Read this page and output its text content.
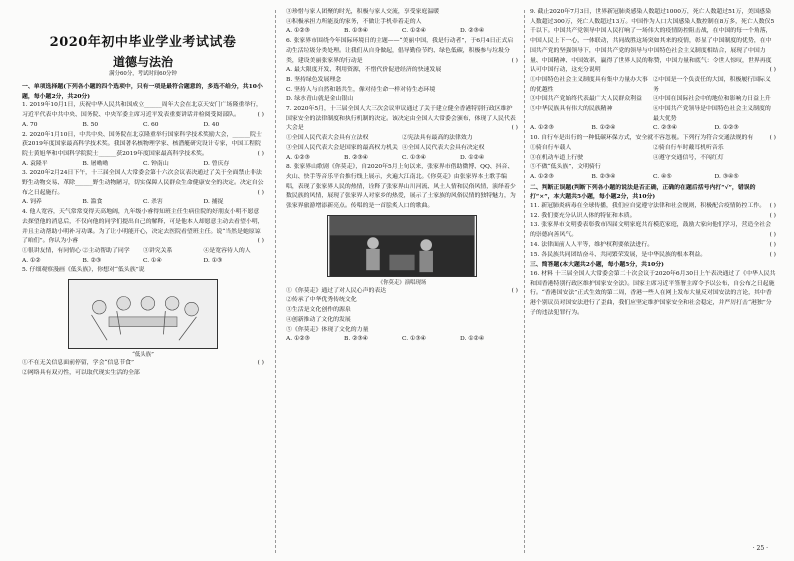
2020年初中毕业学业考试试卷
道德与法治
满分60分，考试时间60分钟
一、单项选择题(下列各小题的四个选项中，只有一项是最符合题意的，多选不给分，共10小题，每小题2分，共20分)
1. 2019年10月1日，庆祝中华人民共和国成立______周年大会在北京天安门广场隆重举行，习近平代表中共中央、国务院、中央军委主席习近平发表重要讲话并检阅受阅部队。	( )
A. 70	B. 50	C. 60	D. 40
2. 2020年1月10日，中共中央、国务院在北京隆重举行国家科学技术奖励大会，______院士获2019年度国家最高科学技术奖。我国著名核物理学家、核潜艇研究设计专家，中国工程院院士黄旭华和中国科学院院士______获2019年度国家最高科学技术奖。	( )
A. 袁隆平	B. 屠呦呦	C. 钟南山	D. 曾庆存
3. 2020年2月24日下午，十三届全国人大常委会第十六次会议表决通过了关于全面禁止非法野生动物交易、革除______野生动物陋习，切实保障人民群众生命健康安全的决定。决定自公布之日起施行。	( )
A. 饲养	B. 滥食	C. 杀害	D. 捕捉
4. 他人宽容，天气常常变得天高地阔，九年级小睿得知班主任生病住院的好朋友小明不愿意去探望他的消息后，不仅向他的同学们提出自己的解释，可是他本人却愿意主动去看望小明，并且主动帮助小明补习功课。为了让小明能开心，决定去医院看望班主任。说“当然是她原谅了咱们”。你认为小睿	( )
①很讲友情，有同情心 ②主动帮助了同学	③讲究关系	④是宽容待人的人
A. ①②	B. ②③	C. ①④	D. ①③
5. 仔细观察漫画《低头族》，你想对“低头族”说
“低头族”
( )
①不在无关信息面前停留，学会“信息节食”
②网络具有双刃性，可以取代现实生活的全部
③珍惜与家人团聚的时光，积极与家人交流，享受家庭温暖
④积极承担力所能及的家务，不做让手机牵着走的人
A. ①②③	B. ①③④	C. ①②④	D. ②③④
6. 张家界市围绕今年国际环境日的主题——“美丽中国，我是行动者”，于6月4日正式启动生活垃圾分类处理。让我们从自身做起，倡导勤俭节约、绿色低碳，积极参与垃圾分类，建设美丽张家界的行动是	( )
A. 最大限度开发、利用资源，不惜代价促进经济的快速发展
B. 坚持绿色发展理念
C. 坚持人与自然和谐共生，像对待生命一样对待生态环境
D. 绿水青山就是金山银山
7. 2020年5月，十三届全国人大三次会议审议通过了关于建立健全香港特别行政区维护国家安全的法律制度和执行机制的决定。该决定由全国人大常委会颁布，体现了人民代表大会是	( )
①全国人民代表大会具有立法权	②宪法具有最高的法律效力
③全国人民代表大会是国家的最高权力机关 ④全国人民代表大会具有决定权
A. ①②③	B. ②③④	C. ①③④	D. ①②④
8. 张家界山歌剧《你莫走》，自2020年5月上旬以来，张家界市借助微博、QQ、抖音、火山、快手等音乐平台推行线上展示，火遍大江南北。《你莫走》由张家界本土歌手编唱，表现了张家界人民的热情，诠释了张家界山川河流、风土人情和民俗风情，演绎着少数民族的风情，展现了张家界人对家乡的热爱，展示了土家族的风俗民情的独特魅力，为张家界旅游增添新亮点。传唱的是一首脍炙人口的歌曲。
《你莫走》演唱现场
( )
①《你莫走》通过了对人民心声的表达
②传承了中华优秀传统文化
③生活是文化创作的源泉
④创新推动了文化的发展
⑤《你莫走》体现了文化的力量
A. ①②③	B. ②③④	C. ①③④	D. ①②④
9. 截止2020年7月3日，世界新冠肺炎感染人数超过1000万，死亡人数超过51万，美国感染人数超过300万，死亡人数超过13万。中国作为人口大国感染人数控制在8万多，死亡人数仅5千以下。中国共产党领导中国人民打响了一场伟大的疫情防控阻击战，在中国的每一个角落，中国人民上下一心，一体联动，共同战胜这场突如其来的疫情，彰显了中国制度的优势，在中国共产党的坚强领导下，中国共产党的领导与中国特色社会主义制度相结合，展现了中国力量、中国精神、中国效率，赢得了世界人民的称赞，中国力量和底气：令世人惊叹，世界再度认可中国行动，这充分说明	( )
①中国特色社会主义制度具有集中力量办大事的优越性
②中国是一个负责任的大国，积极履行国际义务
③中国共产党始终代表最广大人民群众利益	④中国在国际社会中的地位和影响力日益上升
⑤中华民族具有伟大的民族精神	⑥中国共产党领导是中国特色社会主义制度的最大优势
A. ①②③	B. ①②④	C. ②③④	D. ①②③
10. 自行车是出行的一种低碳环保方式，安全就不容忽视。下列行为符合交通法规的有	( )
①骑自行车载人	②骑自行车时戴耳机听音乐
③在机动车道上行驶	④遵守交通信号，不闯红灯
⑤不做“低头族”，文明骑行
A. ①②③	B. ②③④	C. ④⑤	D. ③④⑤
二、判断正误题(判断下列各小题的说法是否正确，正确的在题后括号内打“√”，错误的打“×”，本大题共5小题，每小题2分，共10分)
11. 新冠肺炎病毒在全球传播，我们应自觉遵守法律和社会规则，积极配合疫情防控工作。 ( )
12. 我们要充分认识人体的特征和本质。	( )
13. 张家界市文明委表彰我市四届文明家庭共育模范家庭，鼓励大家向他们学习，营造全社会的崇德向善风气。	( )
14. 法律面前人人平等，维护权利要依法进行。	( )
15. 各民族共同团结奋斗、共同繁荣发展，是中华民族的根本利益。	( )
三、简答题(本大题共2小题，每小题5分，共10分)
16. 材料 十三届全国人大常委会第二十次会议于2020年6月30日上午表决通过了《中华人民共和国香港特别行政区维护国家安全法》。国家主席习近平签署主席令予以公布，自公布之日起施行。“香港国安法”正式生效的第二周，香港一些人在网上发布大量反对国安法的言论，其中香港个别议员对国安法进行了歪曲，我们应坚定维护国家安全和社会稳定，并严厉打击“港独”分子的违法犯罪行为。
· 25 ·
